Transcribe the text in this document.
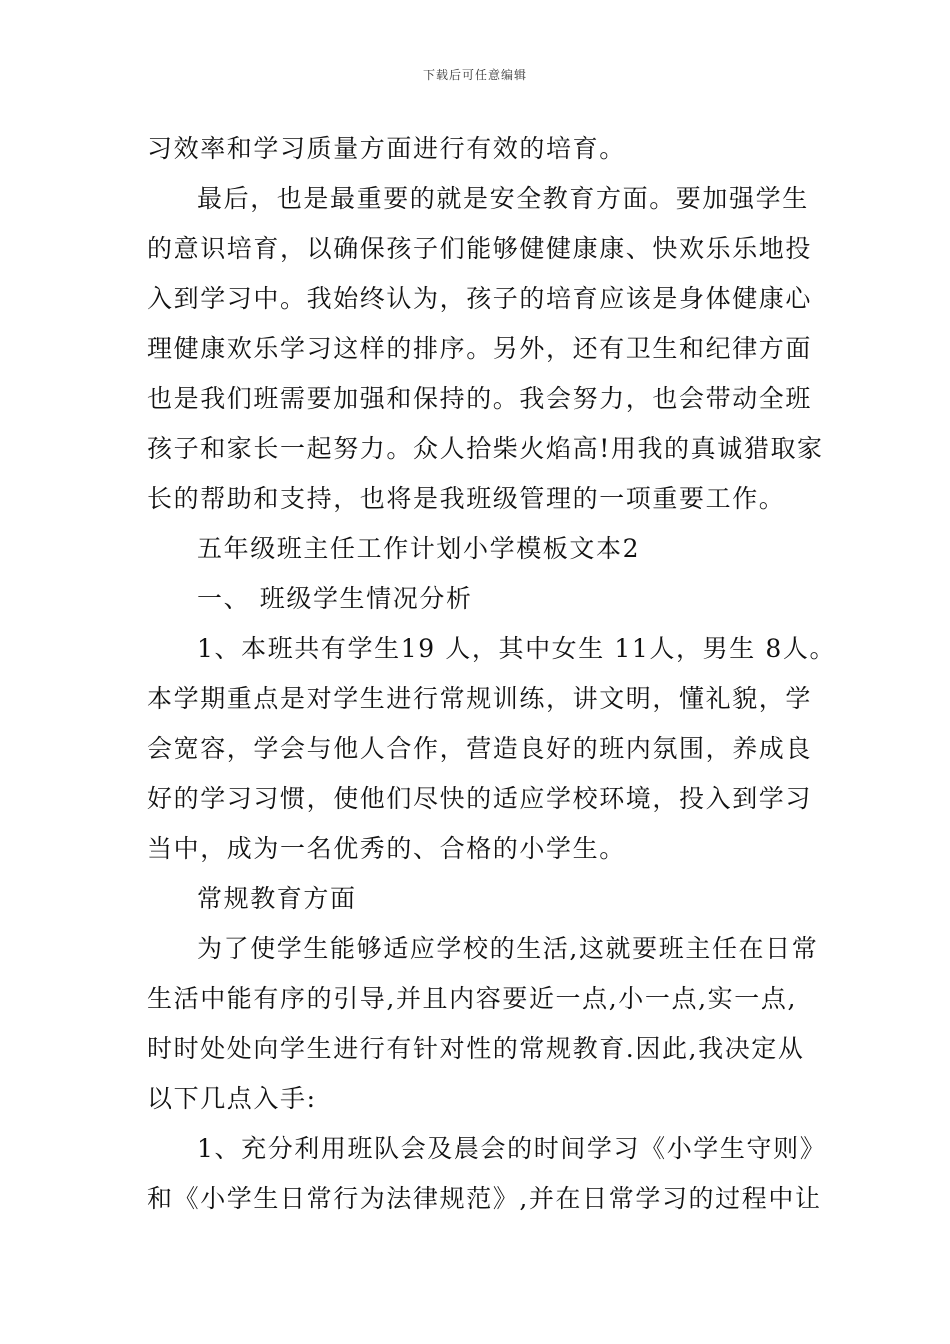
下载后可任意编辑
习效率和学习质量方面进行有效的培育。
最后，也是最重要的就是安全教育方面。要加强学生
的意识培育，以确保孩子们能够健健康康、快欢乐乐地投
入到学习中。我始终认为，孩子的培育应该是身体健康心
理健康欢乐学习这样的排序。另外，还有卫生和纪律方面
也是我们班需要加强和保持的。我会努力，也会带动全班
孩子和家长一起努力。众人拾柴火焰高!用我的真诚猎取家
长的帮助和支持，也将是我班级管理的一项重要工作。
五年级班主任工作计划小学模板文本2
一、 班级学生情况分析
1、本班共有学生19 人，其中女生 11人，男生 8人。
本学期重点是对学生进行常规训练，讲文明，懂礼貌，学
会宽容，学会与他人合作，营造良好的班内氛围，养成良
好的学习习惯，使他们尽快的适应学校环境，投入到学习
当中，成为一名优秀的、合格的小学生。
常规教育方面
为了使学生能够适应学校的生活,这就要班主任在日常
生活中能有序的引导,并且内容要近一点,小一点,实一点,
时时处处向学生进行有针对性的常规教育.因此,我决定从
以下几点入手:
1、充分利用班队会及晨会的时间学习《小学生守则》
和《小学生日常行为法律规范》,并在日常学习的过程中让
